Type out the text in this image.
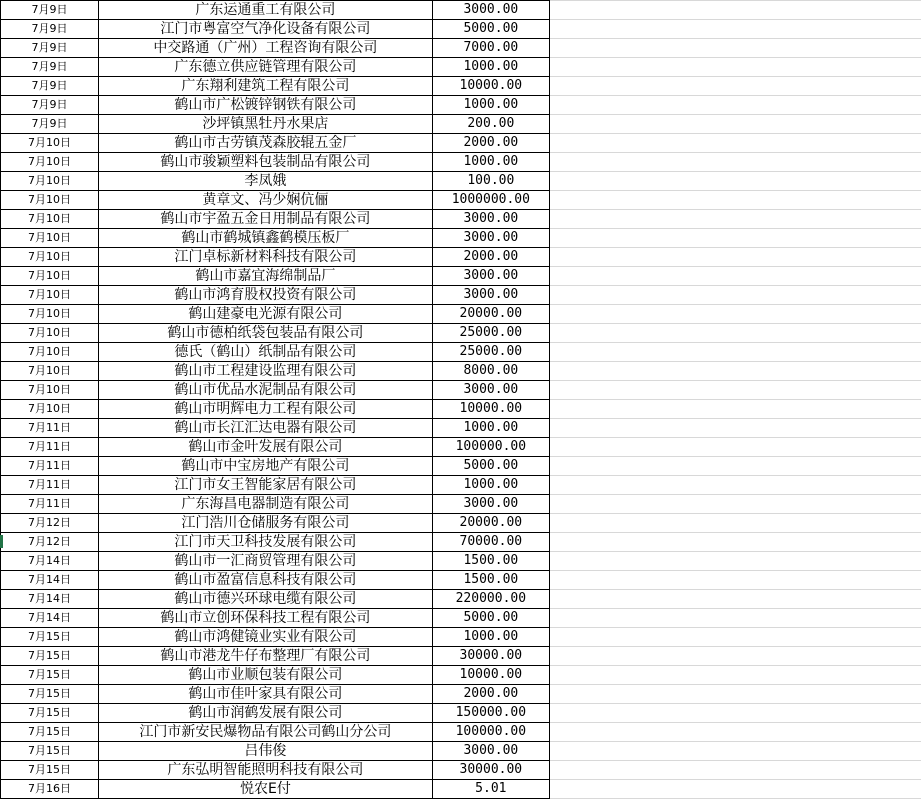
7月9日	广东运通重工有限公司	3000.00	
7月9日	江门市粤富空气净化设备有限公司	5000.00	
7月9日	中交路通（广州）工程咨询有限公司	7000.00	
7月9日	广东德立供应链管理有限公司	1000.00	
7月9日	广东翔利建筑工程有限公司	10000.00	
7月9日	鹤山市广松镀锌钢铁有限公司	1000.00	
7月9日	沙坪镇黑牡丹水果店	200.00	
7月10日	鹤山市古劳镇茂森胶辊五金厂	2000.00	
7月10日	鹤山市骏颖塑料包装制品有限公司	1000.00	
7月10日	李凤娥	100.00	
7月10日	黄章文、冯少娴伉俪	1000000.00	
7月10日	鹤山市宇盈五金日用制品有限公司	3000.00	
7月10日	鹤山市鹤城镇鑫鹤模压板厂	3000.00	
7月10日	江门卓标新材料科技有限公司	2000.00	
7月10日	鹤山市嘉宜海绵制品厂	3000.00	
7月10日	鹤山市鸿育股权投资有限公司	3000.00	
7月10日	鹤山建豪电光源有限公司	20000.00	
7月10日	鹤山市德柏纸袋包装品有限公司	25000.00	
7月10日	德氏（鹤山）纸制品有限公司	25000.00	
7月10日	鹤山市工程建设监理有限公司	8000.00	
7月10日	鹤山市优品水泥制品有限公司	3000.00	
7月10日	鹤山市明辉电力工程有限公司	10000.00	
7月11日	鹤山市长江汇达电器有限公司	1000.00	
7月11日	鹤山市金叶发展有限公司	100000.00	
7月11日	鹤山市中宝房地产有限公司	5000.00	
7月11日	江门市女王智能家居有限公司	1000.00	
7月11日	广东海昌电器制造有限公司	3000.00	
7月12日	江门浩川仓储服务有限公司	20000.00	
7月12日	江门市天卫科技发展有限公司	70000.00	
7月14日	鹤山市一汇商贸管理有限公司	1500.00	
7月14日	鹤山市盈富信息科技有限公司	1500.00	
7月14日	鹤山市德兴环球电缆有限公司	220000.00	
7月14日	鹤山市立创环保科技工程有限公司	5000.00	
7月15日	鹤山市鸿健镜业实业有限公司	1000.00	
7月15日	鹤山市港龙牛仔布整理厂有限公司	30000.00	
7月15日	鹤山市业顺包装有限公司	10000.00	
7月15日	鹤山市佳叶家具有限公司	2000.00	
7月15日	鹤山市润鹤发展有限公司	150000.00	
7月15日	江门市新安民爆物品有限公司鹤山分公司	100000.00	
7月15日	吕伟俊	3000.00	
7月15日	广东弘明智能照明科技有限公司	30000.00	
7月16日	悦农E付	5.01	
